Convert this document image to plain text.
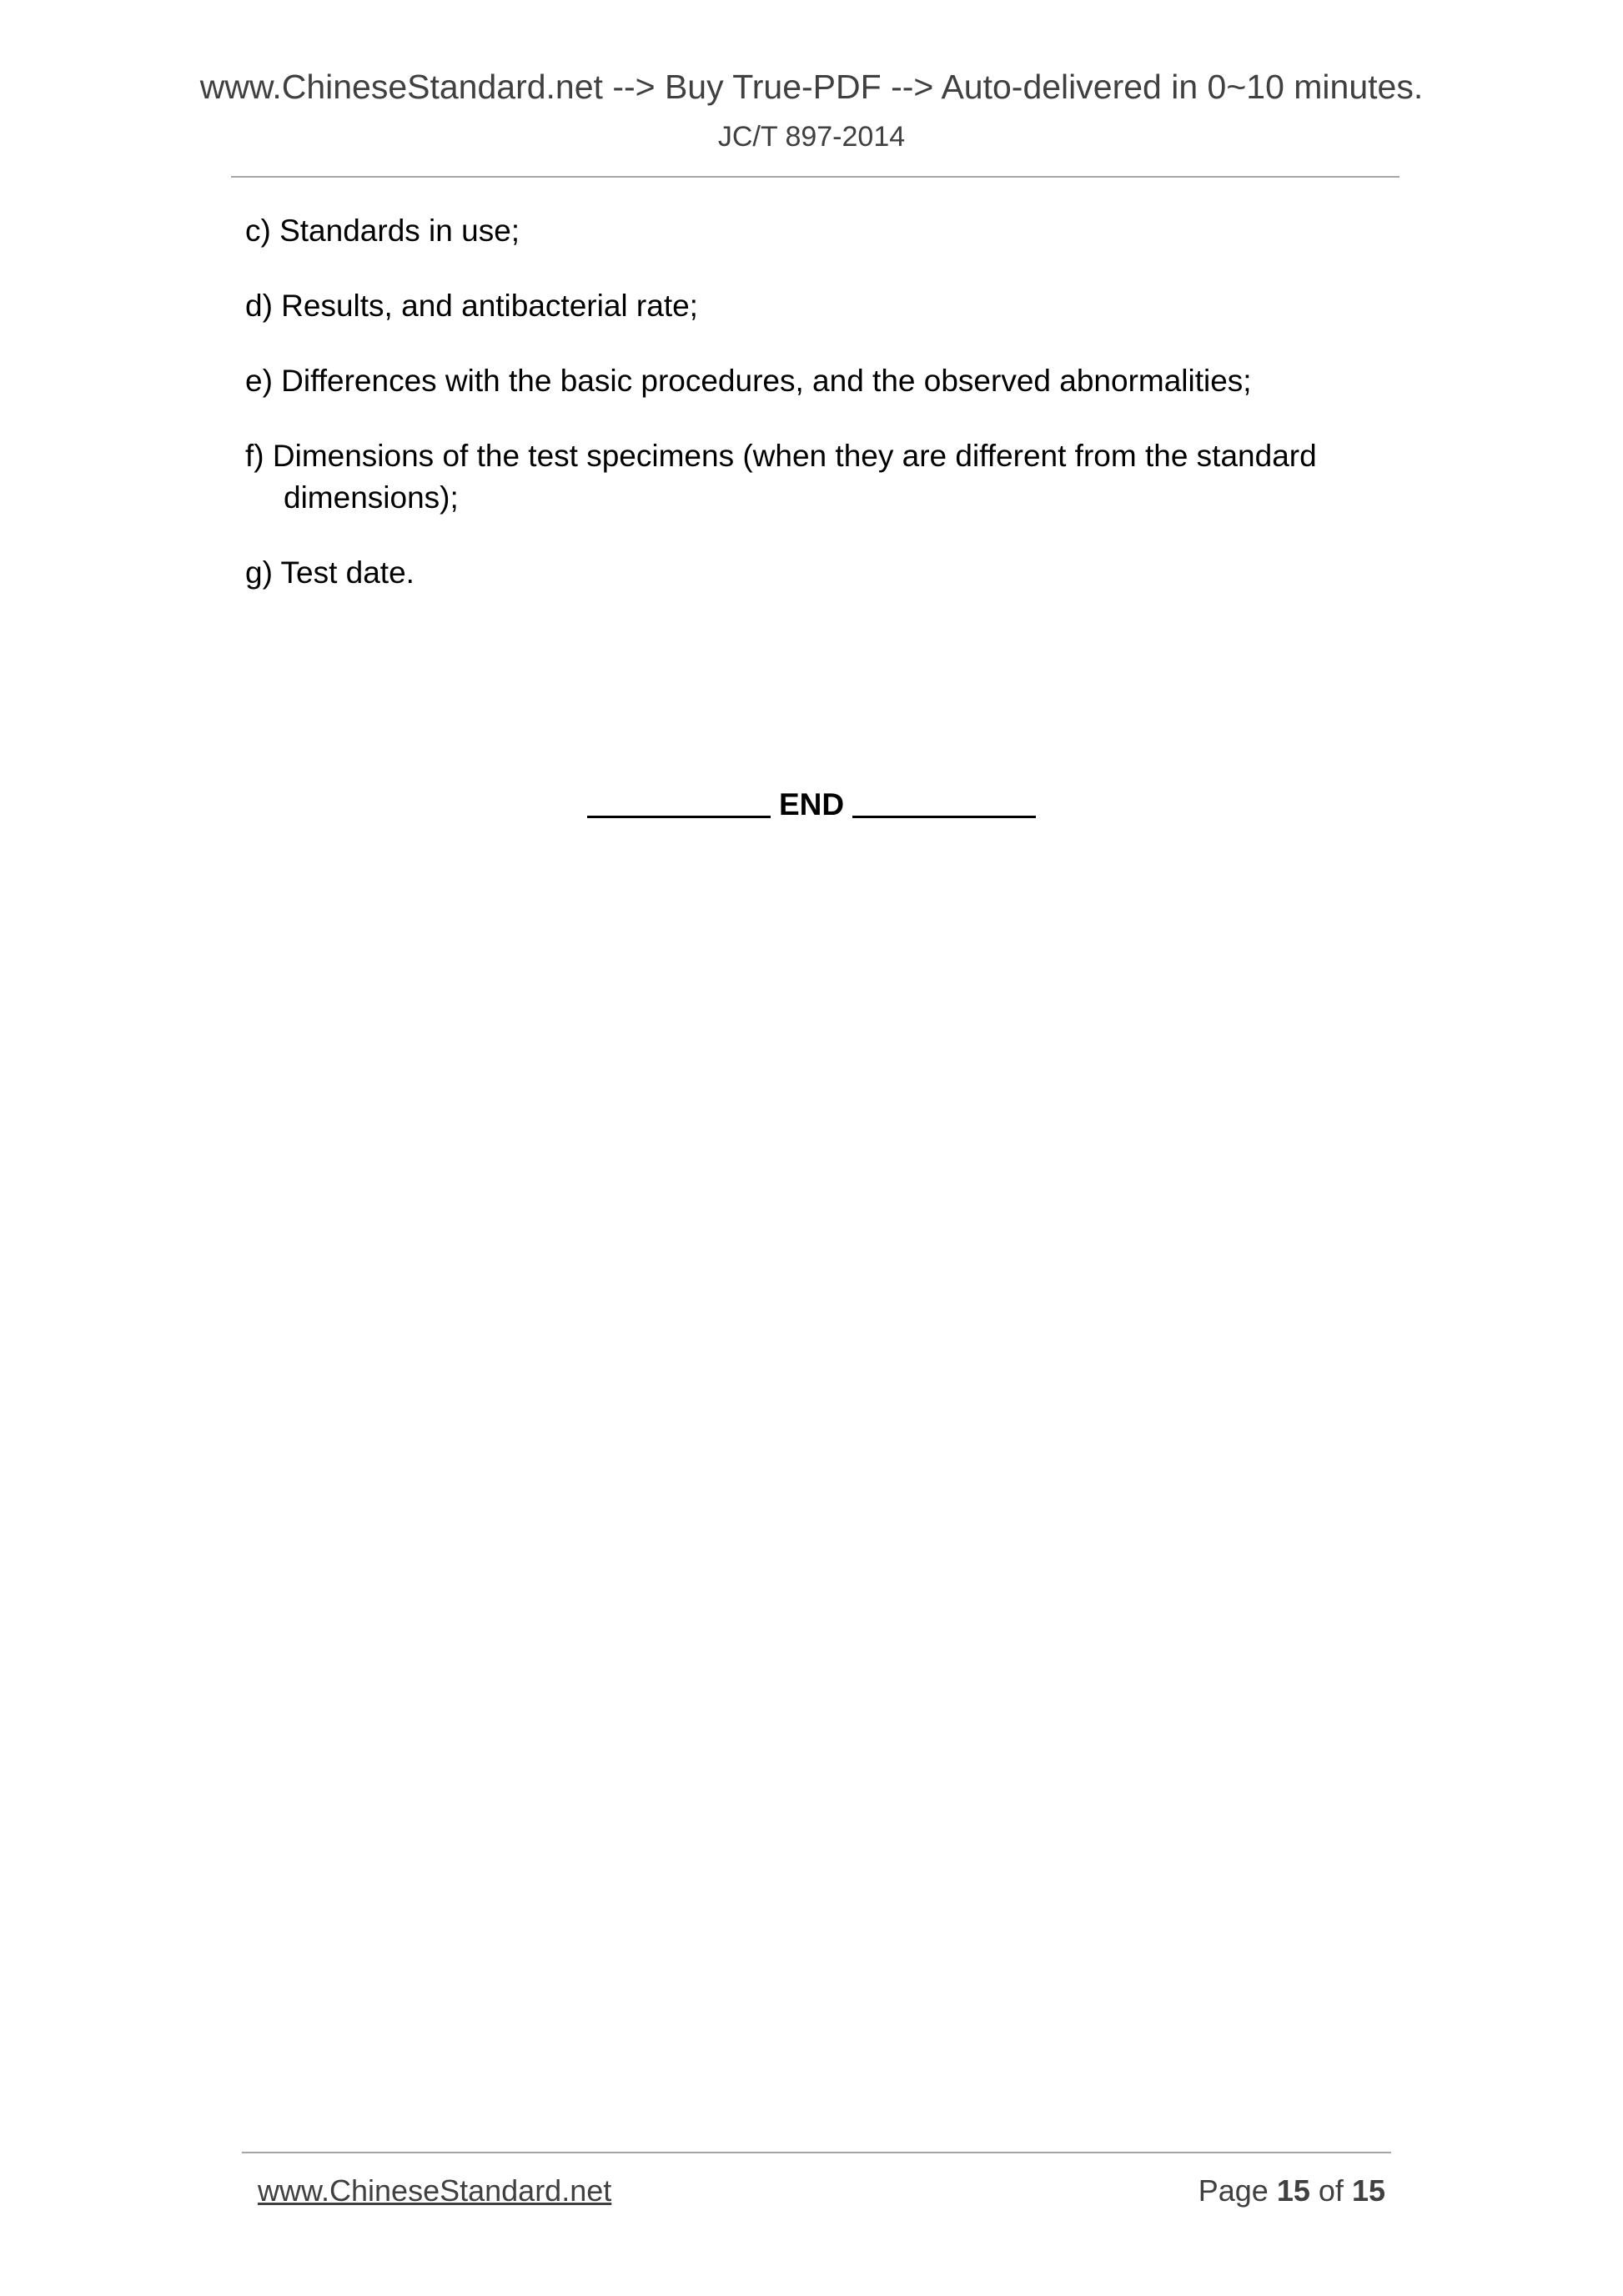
www.ChineseStandard.net --> Buy True-PDF --> Auto-delivered in 0~10 minutes.
JC/T 897-2014
c) Standards in use;
d) Results, and antibacterial rate;
e) Differences with the basic procedures, and the observed abnormalities;
f) Dimensions of the test specimens (when they are different from the standard dimensions);
g) Test date.
END
www.ChineseStandard.net	Page 15 of 15
